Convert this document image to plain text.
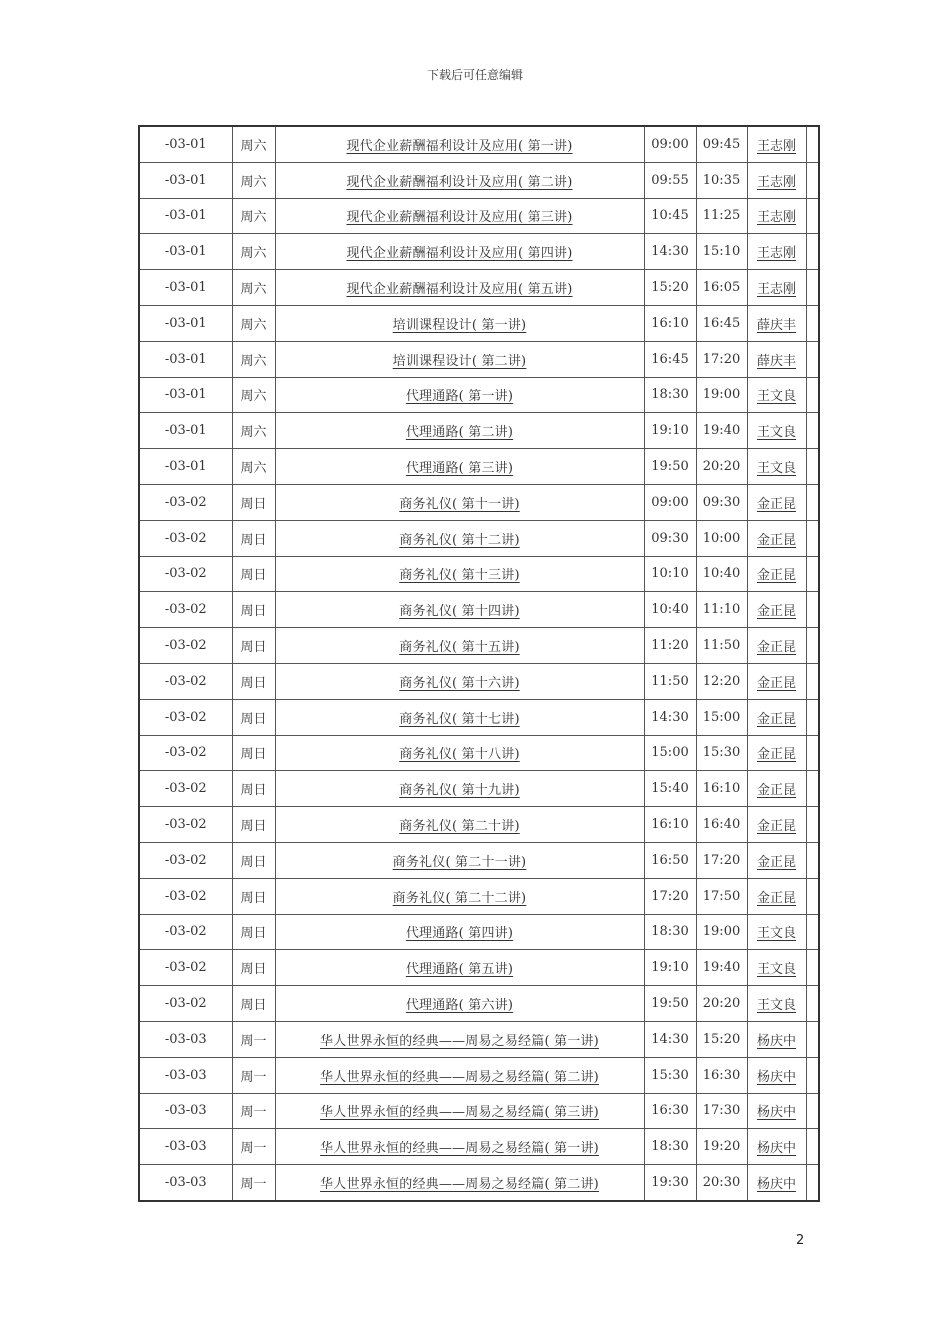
下载后可任意编辑
-03-01	周六	现代企业薪酬福利设计及应用( 第一讲)	09:00	09:45	王志刚	
-03-01	周六	现代企业薪酬福利设计及应用( 第二讲)	09:55	10:35	王志刚	
-03-01	周六	现代企业薪酬福利设计及应用( 第三讲)	10:45	11:25	王志刚	
-03-01	周六	现代企业薪酬福利设计及应用( 第四讲)	14:30	15:10	王志刚	
-03-01	周六	现代企业薪酬福利设计及应用( 第五讲)	15:20	16:05	王志刚	
-03-01	周六	培训课程设计( 第一讲)	16:10	16:45	薛庆丰	
-03-01	周六	培训课程设计( 第二讲)	16:45	17:20	薛庆丰	
-03-01	周六	代理通路( 第一讲)	18:30	19:00	王文良	
-03-01	周六	代理通路( 第二讲)	19:10	19:40	王文良	
-03-01	周六	代理通路( 第三讲)	19:50	20:20	王文良	
-03-02	周日	商务礼仪( 第十一讲)	09:00	09:30	金正昆	
-03-02	周日	商务礼仪( 第十二讲)	09:30	10:00	金正昆	
-03-02	周日	商务礼仪( 第十三讲)	10:10	10:40	金正昆	
-03-02	周日	商务礼仪( 第十四讲)	10:40	11:10	金正昆	
-03-02	周日	商务礼仪( 第十五讲)	11:20	11:50	金正昆	
-03-02	周日	商务礼仪( 第十六讲)	11:50	12:20	金正昆	
-03-02	周日	商务礼仪( 第十七讲)	14:30	15:00	金正昆	
-03-02	周日	商务礼仪( 第十八讲)	15:00	15:30	金正昆	
-03-02	周日	商务礼仪( 第十九讲)	15:40	16:10	金正昆	
-03-02	周日	商务礼仪( 第二十讲)	16:10	16:40	金正昆	
-03-02	周日	商务礼仪( 第二十一讲)	16:50	17:20	金正昆	
-03-02	周日	商务礼仪( 第二十二讲)	17:20	17:50	金正昆	
-03-02	周日	代理通路( 第四讲)	18:30	19:00	王文良	
-03-02	周日	代理通路( 第五讲)	19:10	19:40	王文良	
-03-02	周日	代理通路( 第六讲)	19:50	20:20	王文良	
-03-03	周一	华人世界永恒的经典——周易之易经篇( 第一讲)	14:30	15:20	杨庆中	
-03-03	周一	华人世界永恒的经典——周易之易经篇( 第二讲)	15:30	16:30	杨庆中	
-03-03	周一	华人世界永恒的经典——周易之易经篇( 第三讲)	16:30	17:30	杨庆中	
-03-03	周一	华人世界永恒的经典——周易之易经篇( 第一讲)	18:30	19:20	杨庆中	
-03-03	周一	华人世界永恒的经典——周易之易经篇( 第二讲)	19:30	20:30	杨庆中	
2
